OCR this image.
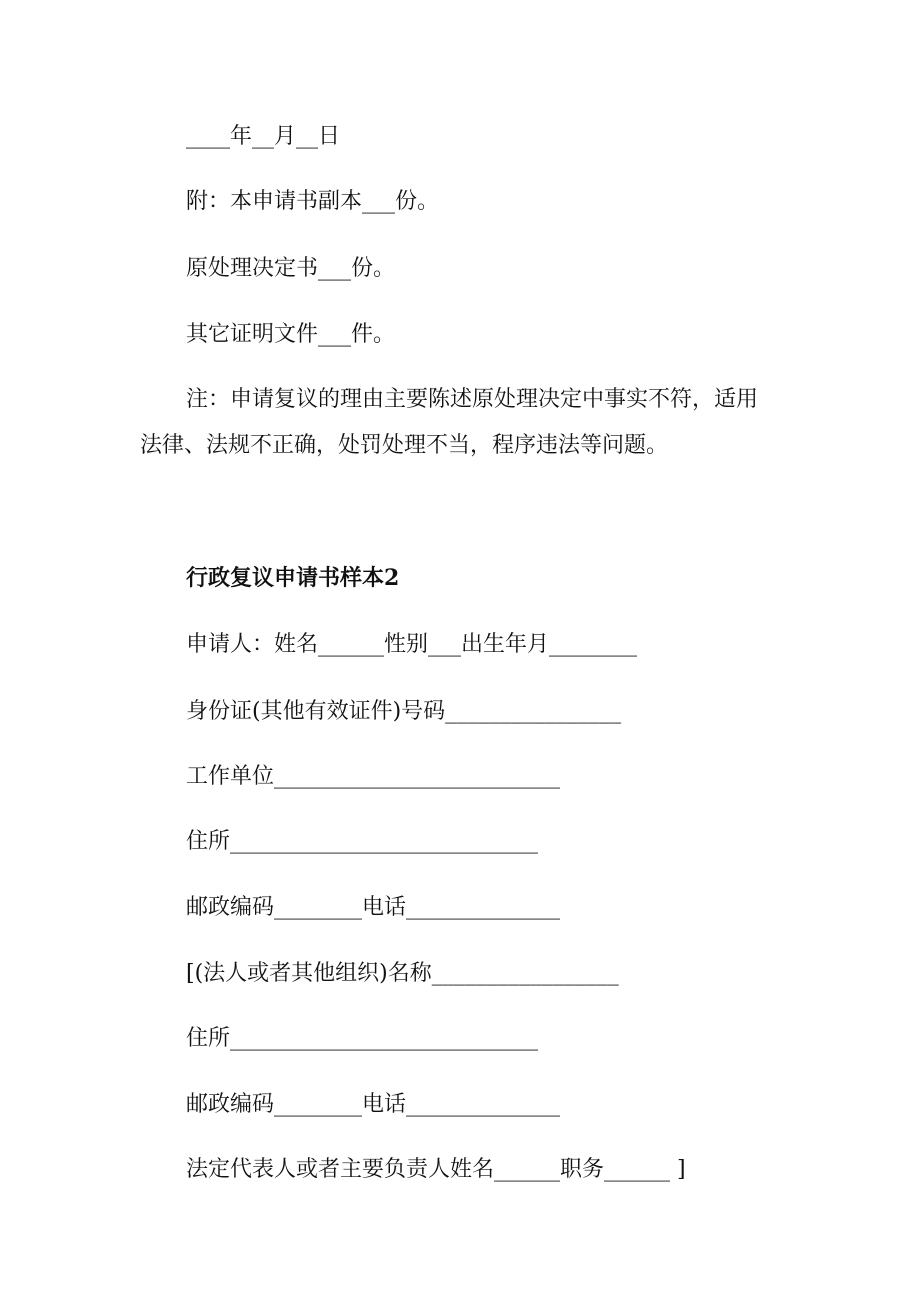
____年__月__日
附：本申请书副本___份。
原处理决定书___份。
其它证明文件___件。
注：申请复议的理由主要陈述原处理决定中事实不符，适用
法律、法规不正确，处罚处理不当，程序违法等问题。
行政复议申请书样本2
申请人：姓名______性别___出生年月________
身份证(其他有效证件)号码________________
工作单位__________________________
住所____________________________
邮政编码________电话______________
[(法人或者其他组织)名称_________________
住所____________________________
邮政编码________电话______________
法定代表人或者主要负责人姓名______职务______ ]
